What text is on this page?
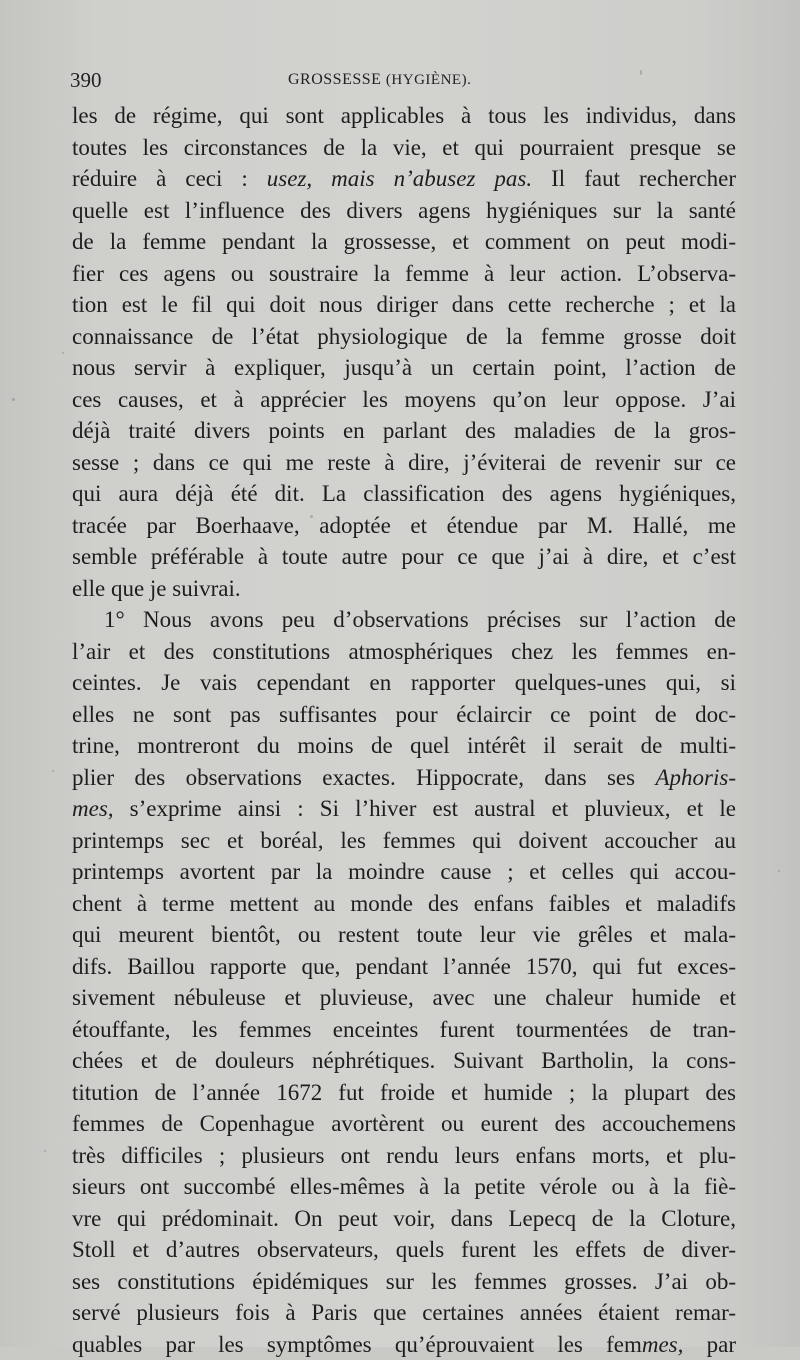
390	GROSSESSE (HYGIÈNE).
les de régime, qui sont applicables à tous les individus, dans
toutes les circonstances de la vie, et qui pourraient presque se
réduire à ceci : usez, mais n’abusez pas. Il faut rechercher
quelle est l’influence des divers agens hygiéniques sur la santé
de la femme pendant la grossesse, et comment on peut modi-
fier ces agens ou soustraire la femme à leur action. L’observa-
tion est le fil qui doit nous diriger dans cette recherche ; et la
connaissance de l’état physiologique de la femme grosse doit
nous servir à expliquer, jusqu’à un certain point, l’action de
ces causes, et à apprécier les moyens qu’on leur oppose. J’ai
déjà traité divers points en parlant des maladies de la gros-
sesse ; dans ce qui me reste à dire, j’éviterai de revenir sur ce
qui aura déjà été dit. La classification des agens hygiéniques,
tracée par Boerhaave, adoptée et étendue par M. Hallé, me
semble préférable à toute autre pour ce que j’ai à dire, et c’est
elle que je suivrai.
1° Nous avons peu d’observations précises sur l’action de
l’air et des constitutions atmosphériques chez les femmes en-
ceintes. Je vais cependant en rapporter quelques-unes qui, si
elles ne sont pas suffisantes pour éclaircir ce point de doc-
trine, montreront du moins de quel intérêt il serait de multi-
plier des observations exactes. Hippocrate, dans ses Aphoris-
mes, s’exprime ainsi : Si l’hiver est austral et pluvieux, et le
printemps sec et boréal, les femmes qui doivent accoucher au
printemps avortent par la moindre cause ; et celles qui accou-
chent à terme mettent au monde des enfans faibles et maladifs
qui meurent bientôt, ou restent toute leur vie grêles et mala-
difs. Baillou rapporte que, pendant l’année 1570, qui fut exces-
sivement nébuleuse et pluvieuse, avec une chaleur humide et
étouffante, les femmes enceintes furent tourmentées de tran-
chées et de douleurs néphrétiques. Suivant Bartholin, la cons-
titution de l’année 1672 fut froide et humide ; la plupart des
femmes de Copenhague avortèrent ou eurent des accouchemens
très difficiles ; plusieurs ont rendu leurs enfans morts, et plu-
sieurs ont succombé elles-mêmes à la petite vérole ou à la fiè-
vre qui prédominait. On peut voir, dans Lepecq de la Cloture,
Stoll et d’autres observateurs, quels furent les effets de diver-
ses constitutions épidémiques sur les femmes grosses. J’ai ob-
servé plusieurs fois à Paris que certaines années étaient remar-
quables par les symptômes qu’éprouvaient les femmes, par
